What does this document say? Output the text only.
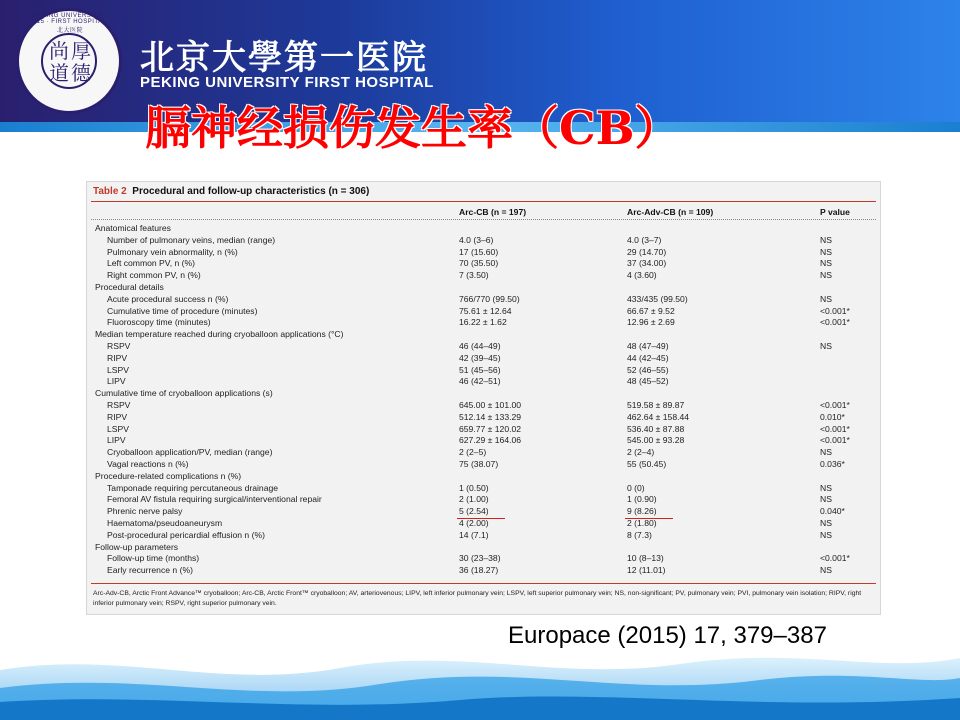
PEKING UNIVERSITY · 1915 · FIRST HOSPITAL · 北大医院
尚 厚
道 德 北京大學第一医院
PEKING UNIVERSITY FIRST HOSPITAL
膈神经损伤发生率（CB）
Table 2 Procedural and follow-up characteristics (n = 306)
Arc-CB (n = 197)	Arc-Adv-CB (n = 109)	P value
Anatomical features
Number of pulmonary veins, median (range)	4.0 (3–6)	4.0 (3–7)	NS
Pulmonary vein abnormality, n (%)	17 (15.60)	29 (14.70)	NS
Left common PV, n (%)	70 (35.50)	37 (34.00)	NS
Right common PV, n (%)	7 (3.50)	4 (3.60)	NS
Procedural details
Acute procedural success n (%)	766/770 (99.50)	433/435 (99.50)	NS
Cumulative time of procedure (minutes)	75.61 ± 12.64	66.67 ± 9.52	<0.001*
Fluoroscopy time (minutes)	16.22 ± 1.62	12.96 ± 2.69	<0.001*
Median temperature reached during cryoballoon applications (°C)
RSPV	46 (44–49)	48 (47–49)	NS
RIPV	42 (39–45)	44 (42–45)
LSPV	51 (45–56)	52 (46–55)
LIPV	46 (42–51)	48 (45–52)
Cumulative time of cryoballoon applications (s)
RSPV	645.00 ± 101.00	519.58 ± 89.87	<0.001*
RIPV	512.14 ± 133.29	462.64 ± 158.44	0.010*
LSPV	659.77 ± 120.02	536.40 ± 87.88	<0.001*
LIPV	627.29 ± 164.06	545.00 ± 93.28	<0.001*
Cryoballoon application/PV, median (range)	2 (2–5)	2 (2–4)	NS
Vagal reactions n (%)	75 (38.07)	55 (50.45)	0.036*
Procedure-related complications n (%)
Tamponade requiring percutaneous drainage	1 (0.50)	0 (0)	NS
Femoral AV fistula requiring surgical/interventional repair	2 (1.00)	1 (0.90)	NS
Phrenic nerve palsy	5 (2.54)	9 (8.26)	0.040*
Haematoma/pseudoaneurysm	4 (2.00)	2 (1.80)	NS
Post-procedural pericardial effusion n (%)	14 (7.1)	8 (7.3)	NS
Follow-up parameters
Follow-up time (months)	30 (23–38)	10 (8–13)	<0.001*
Early recurrence n (%)	36 (18.27)	12 (11.01)	NS
Arc-Adv-CB, Arctic Front Advance™ cryoballoon; Arc-CB, Arctic Front™ cryoballoon; AV, arteriovenous; LIPV, left inferior pulmonary vein; LSPV, left superior pulmonary vein; NS, non-significant; PV, pulmonary vein; PVI, pulmonary vein isolation; RIPV, right inferior pulmonary vein; RSPV, right superior pulmonary vein.
Europace (2015) 17, 379–387
